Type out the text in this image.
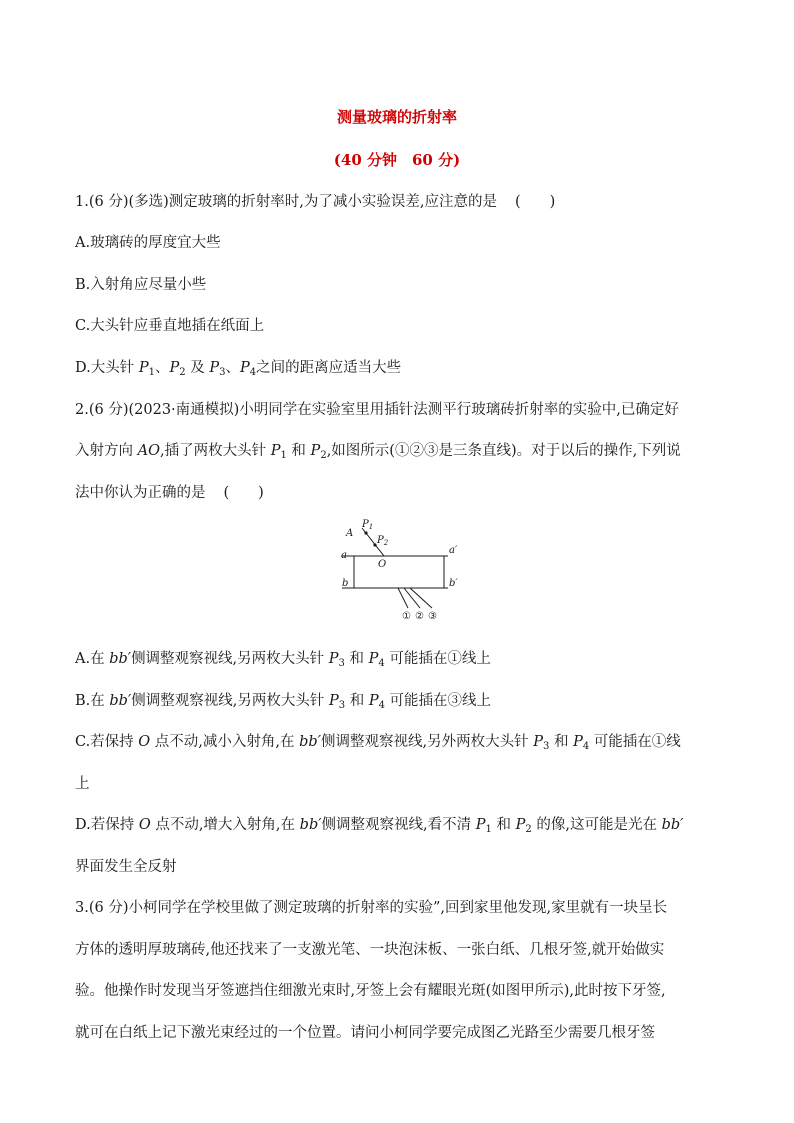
测量玻璃的折射率
(40 分钟　60 分)
1.(6 分)(多选)测定玻璃的折射率时,为了减小实验误差,应注意的是 (　　)
A.玻璃砖的厚度宜大些
B.入射角应尽量小些
C.大头针应垂直地插在纸面上
D.大头针 $P_1$、$P_2$ 及 $P_3$、$P_4$之间的距离应适当大些
2.(6 分)(2023·南通模拟)小明同学在实验室里用插针法测平行玻璃砖折射率的实验中,已确定好
入射方向 AO,插了两枚大头针 $P_1$ 和 $P_2$,如图所示(①②③是三条直线)。对于以后的操作,下列说
法中你认为正确的是 (　　)
A
$P_1$
$P_2$
O
a	a′
b	b′
① ② ③
A.在 bb′侧调整观察视线,另两枚大头针 $P_3$ 和 $P_4$ 可能插在①线上
B.在 bb′侧调整观察视线,另两枚大头针 $P_3$ 和 $P_4$ 可能插在③线上
C.若保持 O 点不动,减小入射角,在 bb′侧调整观察视线,另外两枚大头针 $P_3$ 和 $P_4$ 可能插在①线
上
D.若保持 O 点不动,增大入射角,在 bb′侧调整观察视线,看不清 $P_1$ 和 $P_2$ 的像,这可能是光在 bb′
界面发生全反射
3.(6 分)小柯同学在学校里做了测定玻璃的折射率的实验”,回到家里他发现,家里就有一块呈长
方体的透明厚玻璃砖,他还找来了一支激光笔、一块泡沫板、一张白纸、几根牙签,就开始做实
验。他操作时发现当牙签遮挡住细激光束时,牙签上会有耀眼光斑(如图甲所示),此时按下牙签,
就可在白纸上记下激光束经过的一个位置。请问小柯同学要完成图乙光路至少需要几根牙签
